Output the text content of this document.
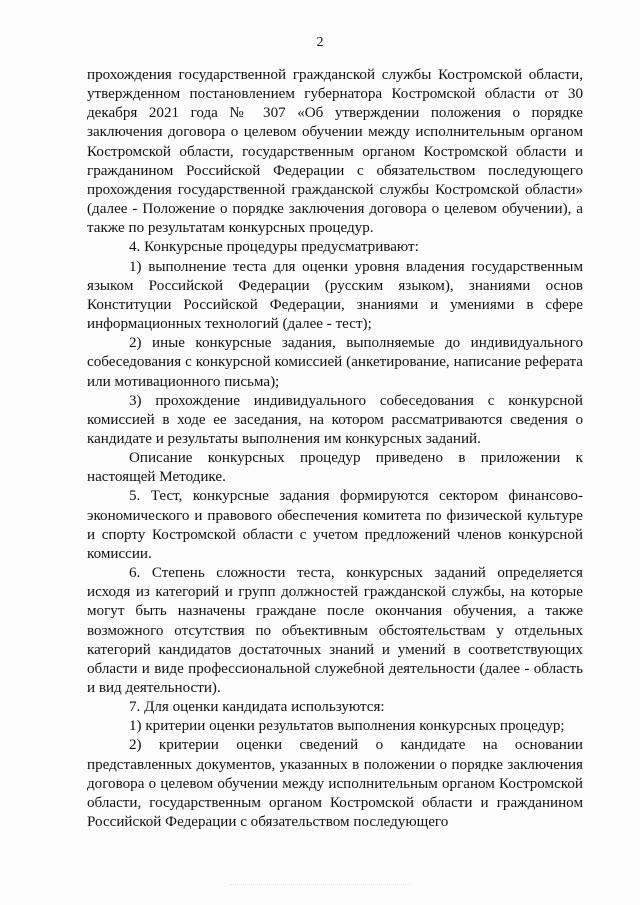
2

прохождения государственной гражданской службы Костромской области, утвержденном постановлением губернатора Костромской области от 30 декабря 2021 года № 307 «Об утверждении положения о порядке заключения договора о целевом обучении между исполнительным органом Костромской области, государственным органом Костромской области и гражданином Российской Федерации с обязательством последующего прохождения государственной гражданской службы Костромской области» (далее - Положение о порядке заключения договора о целевом обучении), а также по результатам конкурсных процедур.

4. Конкурсные процедуры предусматривают:

1) выполнение теста для оценки уровня владения государственным языком Российской Федерации (русским языком), знаниями основ Конституции Российской Федерации, знаниями и умениями в сфере информационных технологий (далее - тест);

2) иные конкурсные задания, выполняемые до индивидуального собеседования с конкурсной комиссией (анкетирование, написание реферата или мотивационного письма);

3) прохождение индивидуального собеседования с конкурсной комиссией в ходе ее заседания, на котором рассматриваются сведения о кандидате и результаты выполнения им конкурсных заданий.

Описание конкурсных процедур приведено в приложении к настоящей Методике.

5. Тест, конкурсные задания формируются сектором финансово-экономического и правового обеспечения комитета по физической культуре и спорту Костромской области с учетом предложений членов конкурсной комиссии.

6. Степень сложности теста, конкурсных заданий определяется исходя из категорий и групп должностей гражданской службы, на которые могут быть назначены граждане после окончания обучения, а также возможного отсутствия по объективным обстоятельствам у отдельных категорий кандидатов достаточных знаний и умений в соответствующих области и виде профессиональной служебной деятельности (далее - область и вид деятельности).

7. Для оценки кандидата используются:

1) критерии оценки результатов выполнения конкурсных процедур;

2) критерии оценки сведений о кандидате на основании представленных документов, указанных в положении о порядке заключения договора о целевом обучении между исполнительным органом Костромской области, государственным органом Костромской области и гражданином Российской Федерации с обязательством последующего
